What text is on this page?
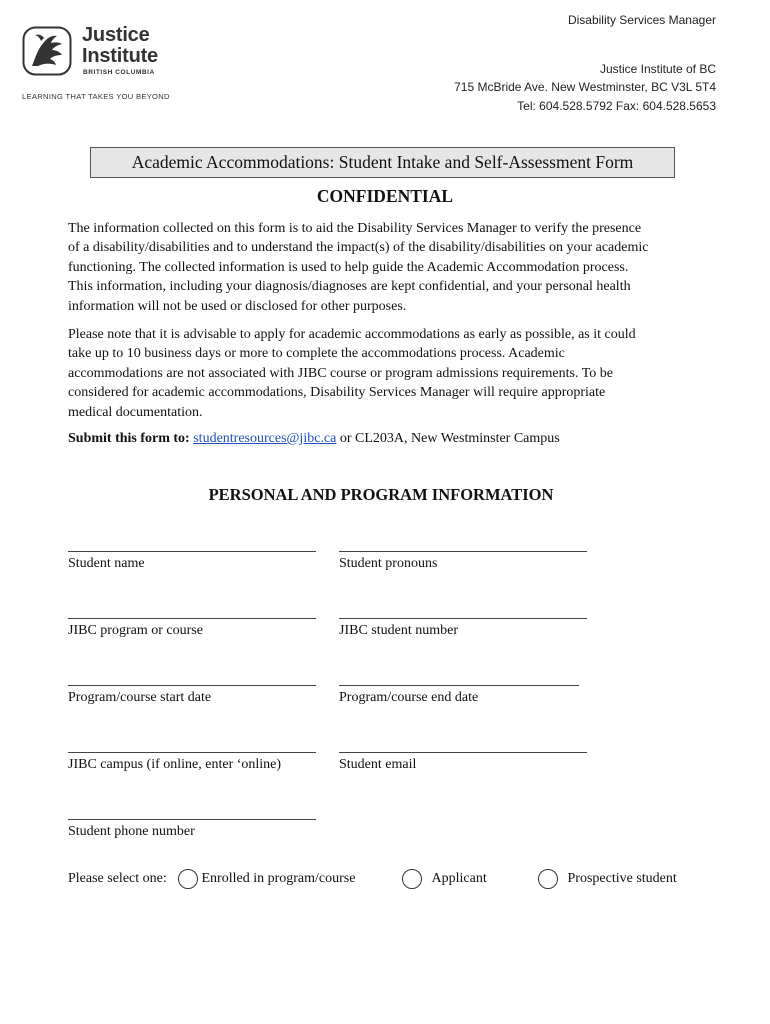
Justice
Institute
BRITISH COLUMBIA
LEARNING THAT TAKES YOU BEYOND
Disability Services Manager
Justice Institute of BC
715 McBride Ave. New Westminster, BC V3L 5T4
Tel: 604.528.5792 Fax: 604.528.5653
Academic Accommodations: Student Intake and Self-Assessment Form
CONFIDENTIAL

The information collected on this form is to aid the Disability Services Manager to verify the presence

of a disability/disabilities and to understand the impact(s) of the disability/disabilities on your academic

functioning. The collected information is used to help guide the Academic Accommodation process.

This information, including your diagnosis/diagnoses are kept confidential, and your personal health

information will not be used or disclosed for other purposes.

Please note that it is advisable to apply for academic accommodations as early as possible, as it could

take up to 10 business days or more to complete the accommodations process. Academic

accommodations are not associated with JIBC course or program admissions requirements. To be

considered for academic accommodations, Disability Services Manager will require appropriate

medical documentation.

Submit this form to: studentresources@jibc.ca or CL203A, New Westminster Campus
PERSONAL AND PROGRAM INFORMATION
Student name	Student pronouns
JIBC program or course	JIBC student number
Program/course start date	Program/course end date
JIBC campus (if online, enter ‘online)	Student email
Student phone number
Please select one:	Enrolled in program/course	Applicant	Prospective student
